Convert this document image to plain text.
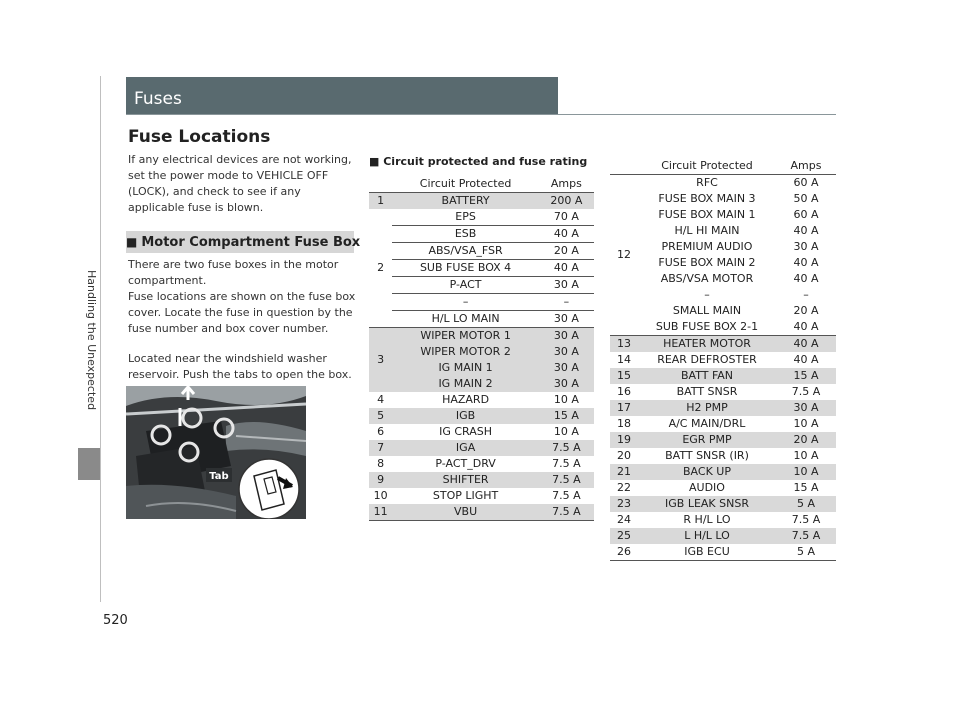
Handling the Unexpected
520
Fuses
Fuse Locations
If any electrical devices are not working, set the power mode to VEHICLE OFF (LOCK), and check to see if any applicable fuse is blown.
■ Motor Compartment Fuse Box
There are two fuse boxes in the motor compartment.
Fuse locations are shown on the fuse box cover. Locate the fuse in question by the fuse number and box cover number.
Located near the windshield washer reservoir. Push the tabs to open the box.
Tab
■ Circuit protected and fuse rating
	Circuit Protected	Amps
1	BATTERY	200 A
2	EPS	70 A
	ESB	40 A
	ABS/VSA_FSR	20 A
	SUB FUSE BOX 4	40 A
	P-ACT	30 A
	–	–
	H/L LO MAIN	30 A
3	WIPER MOTOR 1	30 A
	WIPER MOTOR 2	30 A
	IG MAIN 1	30 A
	IG MAIN 2	30 A
4	HAZARD	10 A
5	IGB	15 A
6	IG CRASH	10 A
7	IGA	7.5 A
8	P-ACT_DRV	7.5 A
9	SHIFTER	7.5 A
10	STOP LIGHT	7.5 A
11	VBU	7.5 A
	Circuit Protected	Amps
12	RFC	60 A
	FUSE BOX MAIN 3	50 A
	FUSE BOX MAIN 1	60 A
	H/L HI MAIN	40 A
	PREMIUM AUDIO	30 A
	FUSE BOX MAIN 2	40 A
	ABS/VSA MOTOR	40 A
	–	–
	SMALL MAIN	20 A
	SUB FUSE BOX 2-1	40 A
13	HEATER MOTOR	40 A
14	REAR DEFROSTER	40 A
15	BATT FAN	15 A
16	BATT SNSR	7.5 A
17	H2 PMP	30 A
18	A/C MAIN/DRL	10 A
19	EGR PMP	20 A
20	BATT SNSR (IR)	10 A
21	BACK UP	10 A
22	AUDIO	15 A
23	IGB LEAK SNSR	5 A
24	R H/L LO	7.5 A
25	L H/L LO	7.5 A
26	IGB ECU	5 A
